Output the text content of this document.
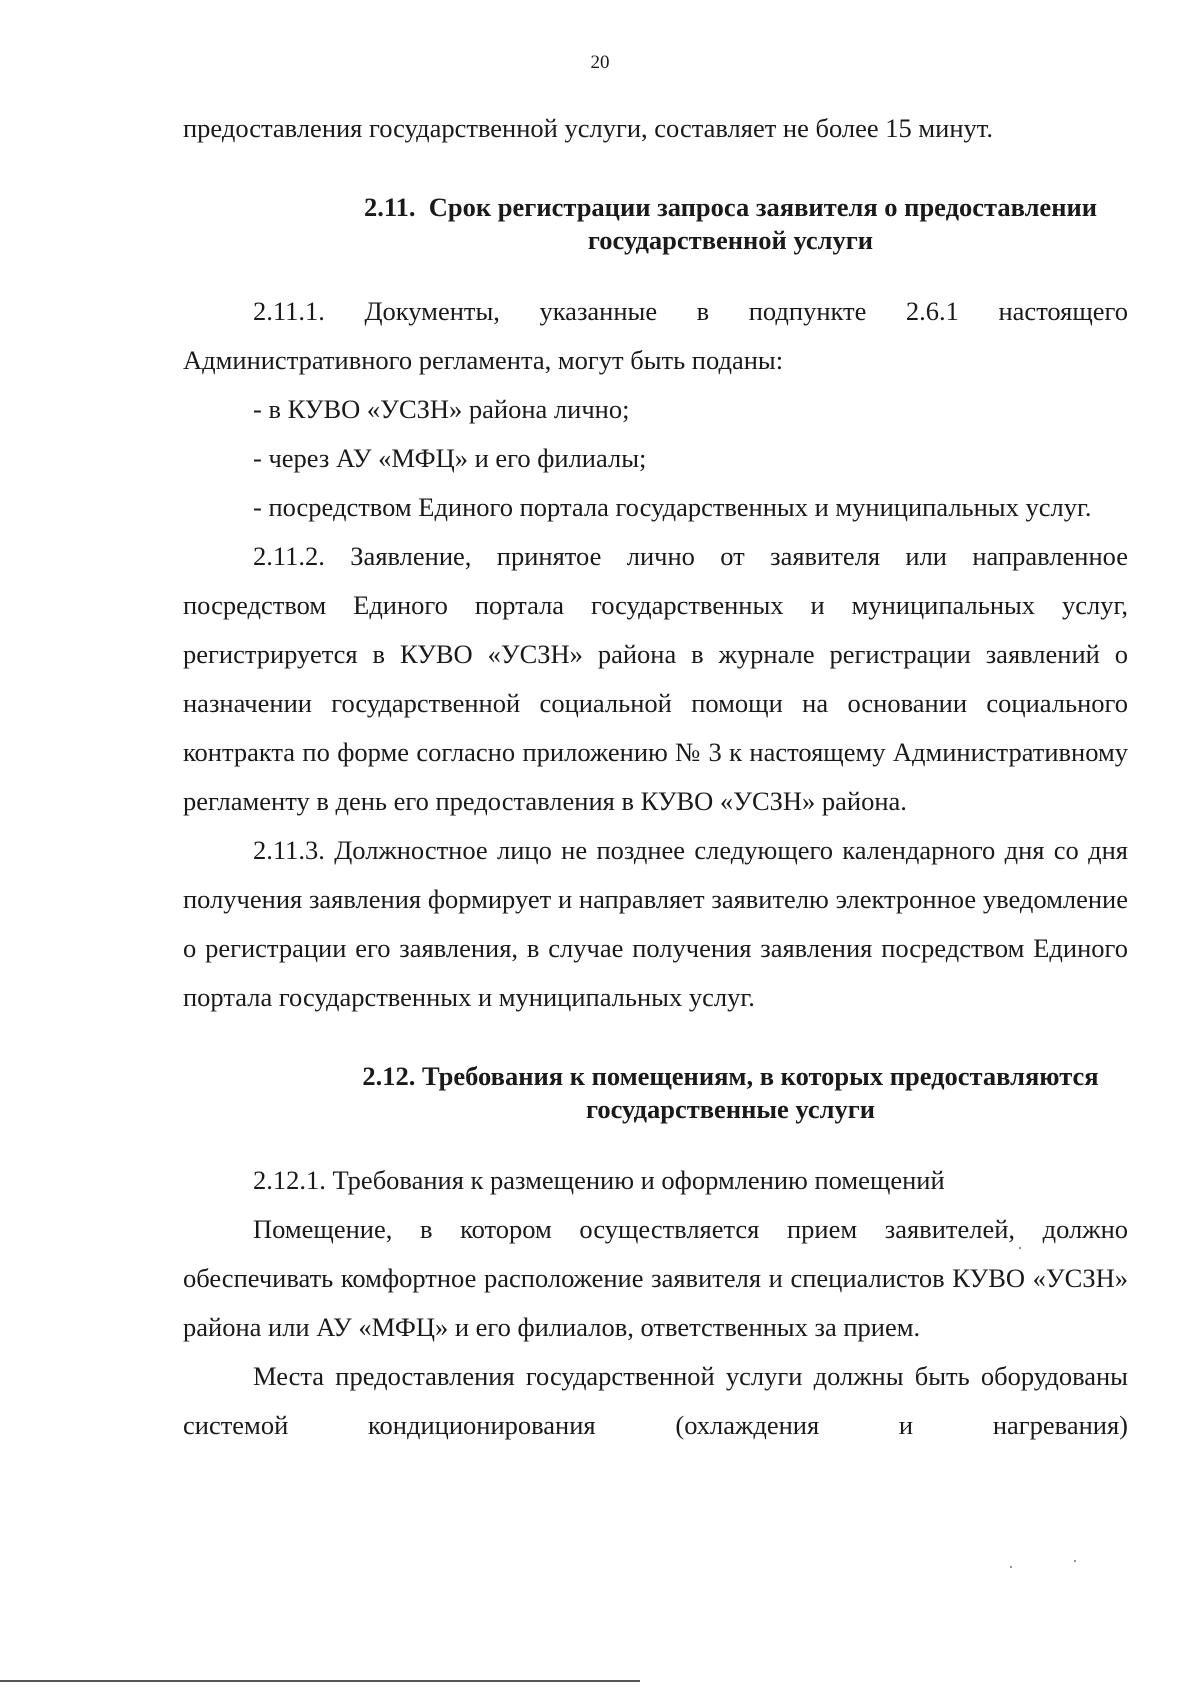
20

предоставления государственной услуги, составляет не более 15 минут.

2.11.  Срок регистрации запроса заявителя о предоставлении
государственной услуги

2.11.1. Документы, указанные в подпункте 2.6.1 настоящего Административного регламента, могут быть поданы:

- в КУВО «УСЗН» района лично;

- через АУ «МФЦ» и его филиалы;

- посредством Единого портала государственных и муниципальных услуг.

2.11.2. Заявление, принятое лично от заявителя или направленное посредством Единого портала государственных и муниципальных услуг, регистрируется в КУВО «УСЗН» района в журнале регистрации заявлений о назначении государственной социальной помощи на основании социального контракта по форме согласно приложению № 3 к настоящему Административному регламенту в день его предоставления в КУВО «УСЗН» района.

2.11.3. Должностное лицо не позднее следующего календарного дня со дня получения заявления формирует и направляет заявителю электронное уведомление о регистрации его заявления, в случае получения заявления посредством Единого портала государственных и муниципальных услуг.

2.12. Требования к помещениям, в которых предоставляются
государственные услуги

2.12.1. Требования к размещению и оформлению помещений

Помещение, в котором осуществляется прием заявителей, должно обеспечивать комфортное расположение заявителя и специалистов КУВО «УСЗН» района или АУ «МФЦ» и его филиалов, ответственных за прием.

Места предоставления государственной услуги должны быть оборудованы системой кондиционирования (охлаждения и нагревания)
